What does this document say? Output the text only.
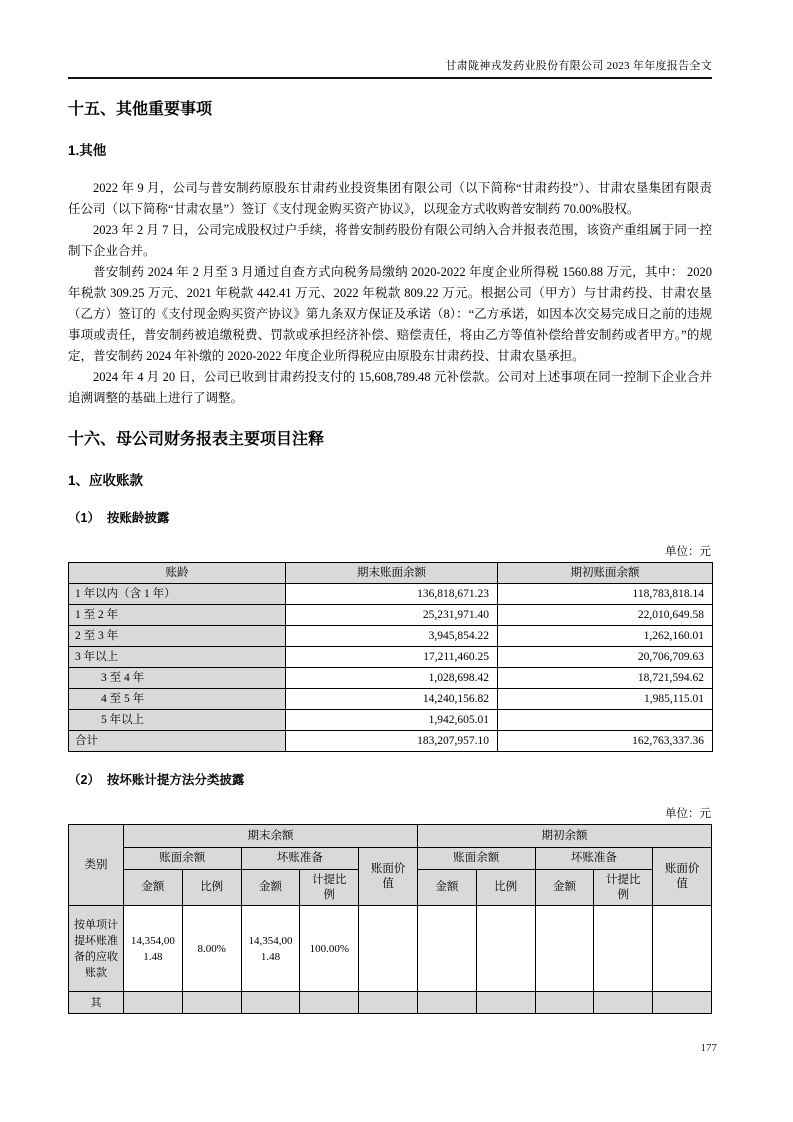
甘肃陇神戎发药业股份有限公司 2023 年年度报告全文
十五、其他重要事项
1.其他

2022 年 9 月，公司与普安制药原股东甘肃药业投资集团有限公司（以下简称“甘肃药投”）、甘肃农垦集团有限责任公司（以下简称“甘肃农垦”）签订《支付现金购买资产协议》，以现金方式收购普安制药 70.00%股权。

2023 年 2 月 7 日，公司完成股权过户手续，将普安制药股份有限公司纳入合并报表范围，该资产重组属于同一控制下企业合并。

普安制药 2024 年 2 月至 3 月通过自查方式向税务局缴纳 2020-2022 年度企业所得税 1560.88 万元，其中： 2020 年税款 309.25 万元、2021 年税款 442.41 万元、2022 年税款 809.22 万元。根据公司（甲方）与甘肃药投、甘肃农垦（乙方）签订的《支付现金购买资产协议》第九条双方保证及承诺（8）：“乙方承诺，如因本次交易完成日之前的违规事项或责任，普安制药被追缴税费、罚款或承担经济补偿、赔偿责任，将由乙方等值补偿给普安制药或者甲方。”的规定，普安制药 2024 年补缴的 2020-2022 年度企业所得税应由原股东甘肃药投、甘肃农垦承担。

2024 年 4 月 20 日，公司已收到甘肃药投支付的 15,608,789.48 元补偿款。公司对上述事项在同一控制下企业合并追溯调整的基础上进行了调整。

十六、母公司财务报表主要项目注释
1、应收账款
（1）  按账龄披露
单位：元
账龄	期末账面余额	期初账面余额
1 年以内（含 1 年）	136,818,671.23	118,783,818.14
1 至 2 年	25,231,971.40	22,010,649.58
2 至 3 年	3,945,854.22	1,262,160.01
3 年以上	17,211,460.25	20,706,709.63
3 至 4 年	1,028,698.42	18,721,594.62
4 至 5 年	14,240,156.82	1,985,115.01
5 年以上	1,942,605.01	
合计	183,207,957.10	162,763,337.36
（2）  按坏账计提方法分类披露
单位：元
类别	期末余额					期初余额				
	账面余额		坏账准备		账面价值	账面余额		坏账准备		账面价值
	金额	比例	金额	计提比例		金额	比例	金额	计提比例	
按单项计提坏账准备的应收账款	14,354,001.48	8.00%	14,354,001.48	100.00%						
其										
177
